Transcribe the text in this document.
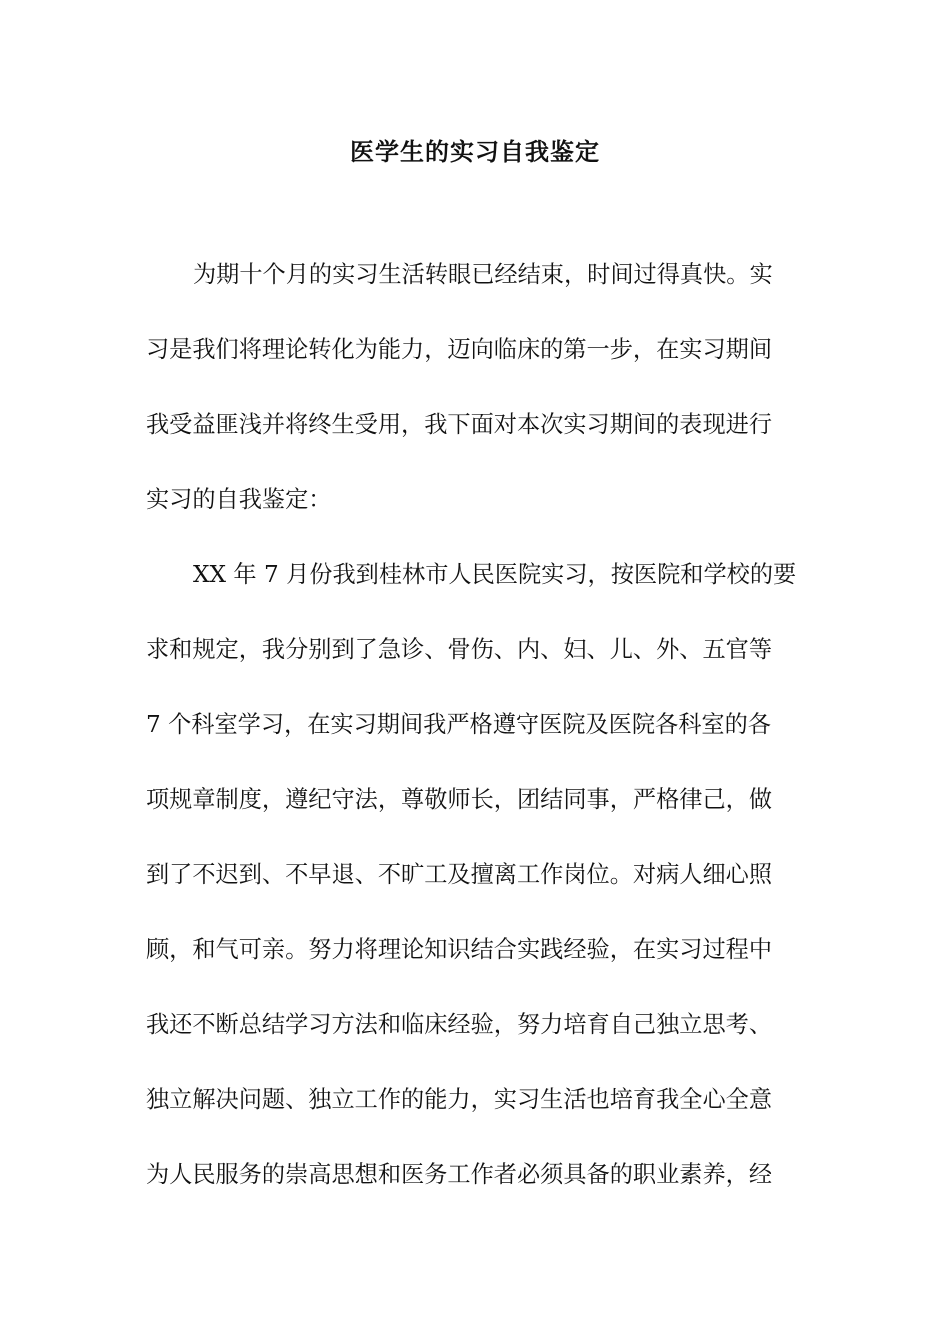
医学生的实习自我鉴定

为期十个月的实习生活转眼已经结束，时间过得真快。实

习是我们将理论转化为能力，迈向临床的第一步，在实习期间

我受益匪浅并将终生受用，我下面对本次实习期间的表现进行

实习的自我鉴定：

XX 年 7 月份我到桂林市人民医院实习，按医院和学校的要

求和规定，我分别到了急诊、骨伤、内、妇、儿、外、五官等

7 个科室学习，在实习期间我严格遵守医院及医院各科室的各

项规章制度，遵纪守法，尊敬师长，团结同事，严格律己，做

到了不迟到、不早退、不旷工及擅离工作岗位。对病人细心照

顾，和气可亲。努力将理论知识结合实践经验，在实习过程中

我还不断总结学习方法和临床经验，努力培育自己独立思考、

独立解决问题、独立工作的能力，实习生活也培育我全心全意

为人民服务的崇高思想和医务工作者必须具备的职业素养，经
